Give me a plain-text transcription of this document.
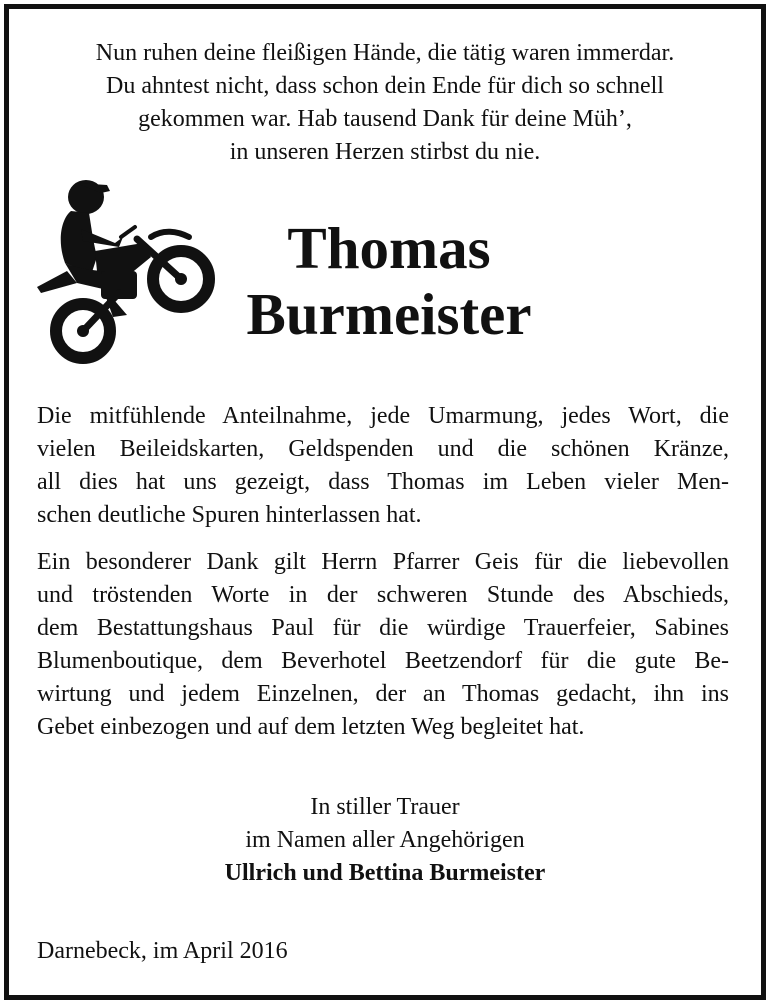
Nun ruhen deine fleißigen Hände, die tätig waren immerdar.
Du ahntest nicht, dass schon dein Ende für dich so schnell
gekommen war. Hab tausend Dank für deine Müh’,
in unseren Herzen stirbst du nie.
Thomas
Burmeister
Die mitfühlende Anteilnahme, jede Umarmung, jedes Wort, die
vielen Beileidskarten, Geldspenden und die schönen Kränze,
all dies hat uns gezeigt, dass Thomas im Leben vieler Men-
schen deutliche Spuren hinterlassen hat.
Ein besonderer Dank gilt Herrn Pfarrer Geis für die liebevollen
und tröstenden Worte in der schweren Stunde des Abschieds,
dem Bestattungshaus Paul für die würdige Trauerfeier, Sabines
Blumenboutique, dem Beverhotel Beetzendorf für die gute Be-
wirtung und jedem Einzelnen, der an Thomas gedacht, ihn ins
Gebet einbezogen und auf dem letzten Weg begleitet hat.
In stiller Trauer
im Namen aller Angehörigen
Ullrich und Bettina Burmeister
Darnebeck, im April 2016
